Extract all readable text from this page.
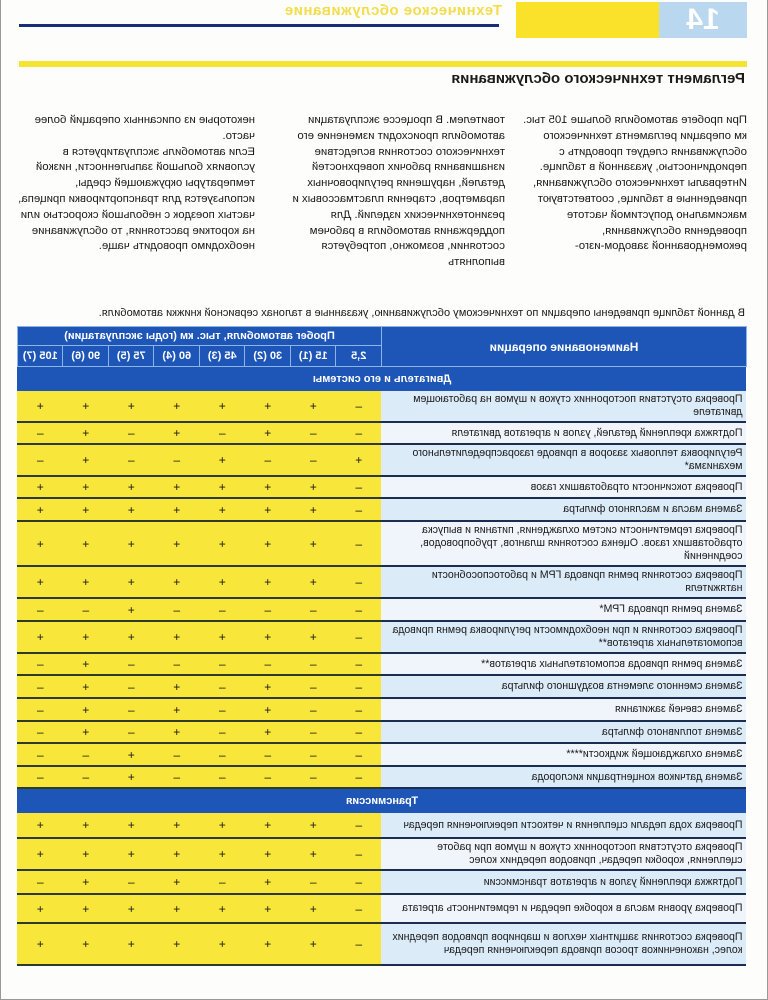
14
Техническое обслуживание
Регламент технического обслуживания

При пробеге автомобиля больше 105 тыс. км операции регламента технического обслуживания следует проводить с периодичностью, указанной в таблице. Интервалы технического обслуживания, приведенные в таблице, соответствуют максимально допустимой частоте проведения обслуживания, рекомендованной заводом-изго-

товителем. В процессе эксплуатации автомобиля происходит изменение его технического состояния вследствие изнашивания рабочих поверхностей деталей, нарушения регулировочных параметров, старения пластмассовых и резинотехнических изделий. Для поддержания автомобиля в рабочем состоянии, возможно, потребуется выполнять

некоторые из описанных операций более часто.

Если автомобиль эксплуатируется в условиях большой запыленности, низкой температуры окружающей среды, используется для транспортировки прицепа, частых поездок с небольшой скоростью или на короткие расстояния, то обслуживание необходимо проводить чаще.

В данной таблице приведены операции по техническому обслуживанию, указанные в талонах сервисной книжки автомобиля.
Наименование операции	Пробег автомобиля, тыс. км (годы эксплуатации)							
	2,5	15 (1)	30 (2)	45 (3)	60 (4)	75 (5)	90 (6)	105 (7)
Двигатель и его системы								
Проверка отсутствия посторонних стуков и шумов на работающем двигателе	–	+	+	+	+	+	+	+
Подтяжка креплений деталей, узлов и агрегатов двигателя	–	–	+	–	+	–	+	–
Регулировка тепловых зазоров в приводе газораспределительного механизма*	+	–	–	+	–	–	+	–
Проверка токсичности отработавших газов	–	+	+	+	+	+	+	+
Замена масла и масляного фильтра	–	+	+	+	+	+	+	+
Проверка герметичности систем охлаждения, питания и выпуска отработавших газов. Оценка состояния шлангов, трубопроводов, соединений	–	+	+	+	+	+	+	+
Проверка состояния ремня привода ГРМ и работоспособности натяжителя	–	+	+	+	+	+	+	+
Замена ремня привода ГРМ*	–	–	–	–	–	+	–	–
Проверка состояния и при необходимости регулировка ремня привода вспомогательных агрегатов**	–	+	+	+	+	+	+	+
Замена ремня привода вспомогательных агрегатов**	–	–	–	–	–	–	+	–
Замена сменного элемента воздушного фильтра	–	–	+	–	+	–	+	–
Замена свечей зажигания	–	–	+	–	+	–	+	–
Замена топливного фильтра	–	–	+	–	+	–	+	–
Замена охлаждающей жидкости****	–	–	–	–	–	+	–	–
Замена датчиков концентрации кислорода	–	–	–	–	–	+	–	–
Трансмиссия								
Проверка хода педали сцепления и четкости переключения передач	–	+	+	+	+	+	+	+
Проверка отсутствия посторонних стуков и шумов при работе сцепления, коробки передач, приводов передних колес	–	+	+	+	+	+	+	+
Подтяжка креплений узлов и агрегатов трансмиссии	–	–	+	–	+	–	+	–
Проверка уровня масла в коробке передач и герметичность агрегата	–	+	+	+	+	+	+	+
Проверка состояния защитных чехлов и шарниров приводов передних колес, наконечников тросов привода переключения передач	–	+	+	+	+	+	+	+
